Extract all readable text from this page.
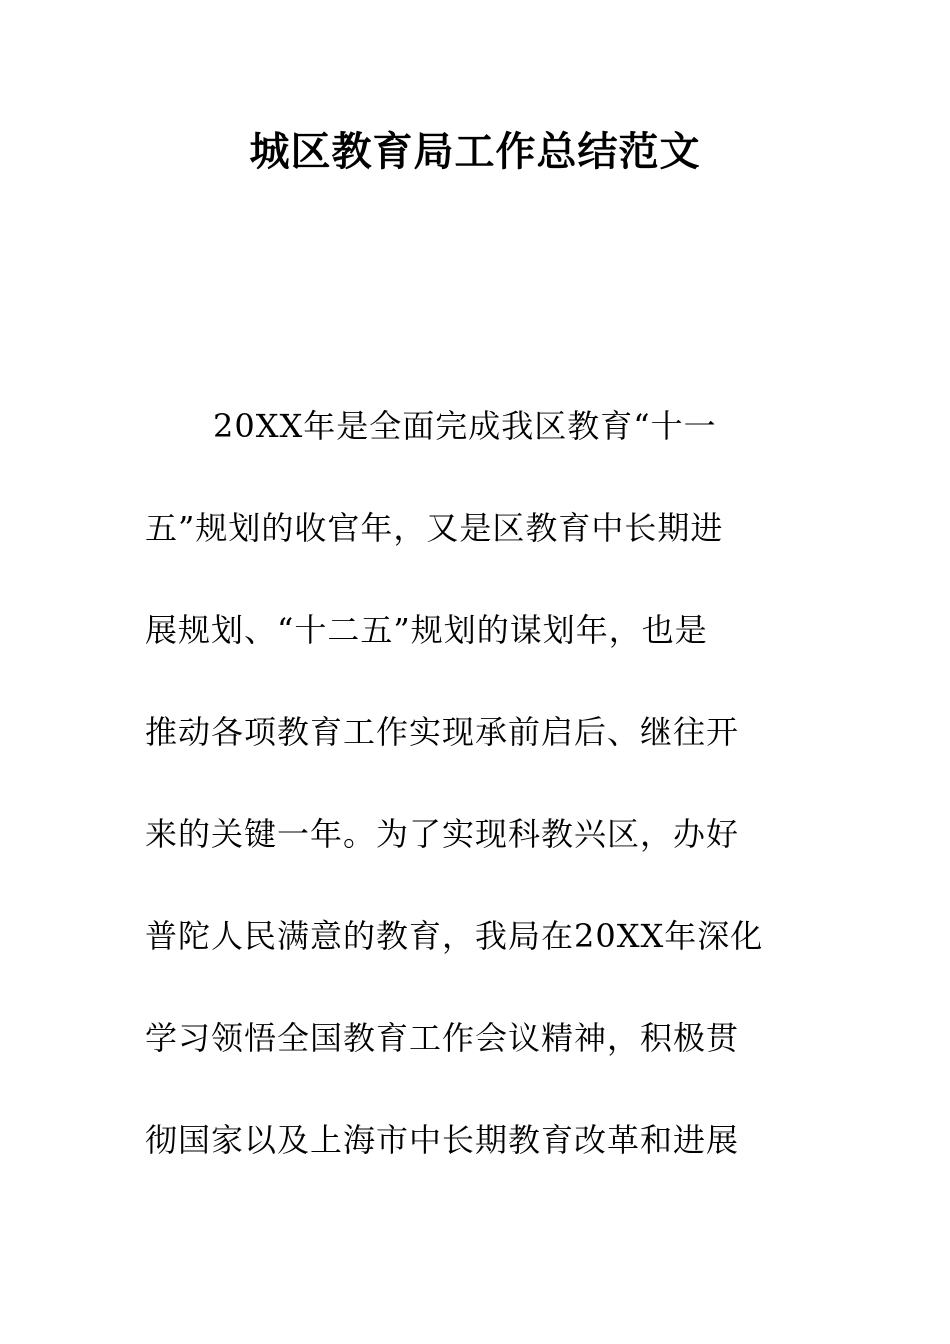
城区教育局工作总结范文
20XX年是全面完成我区教育“十一
五”规划的收官年，又是区教育中长期进
展规划、“十二五”规划的谋划年，也是
推动各项教育工作实现承前启后、继往开
来的关键一年。为了实现科教兴区，办好
普陀人民满意的教育，我局在20XX年深化
学习领悟全国教育工作会议精神，积极贯
彻国家以及上海市中长期教育改革和进展
